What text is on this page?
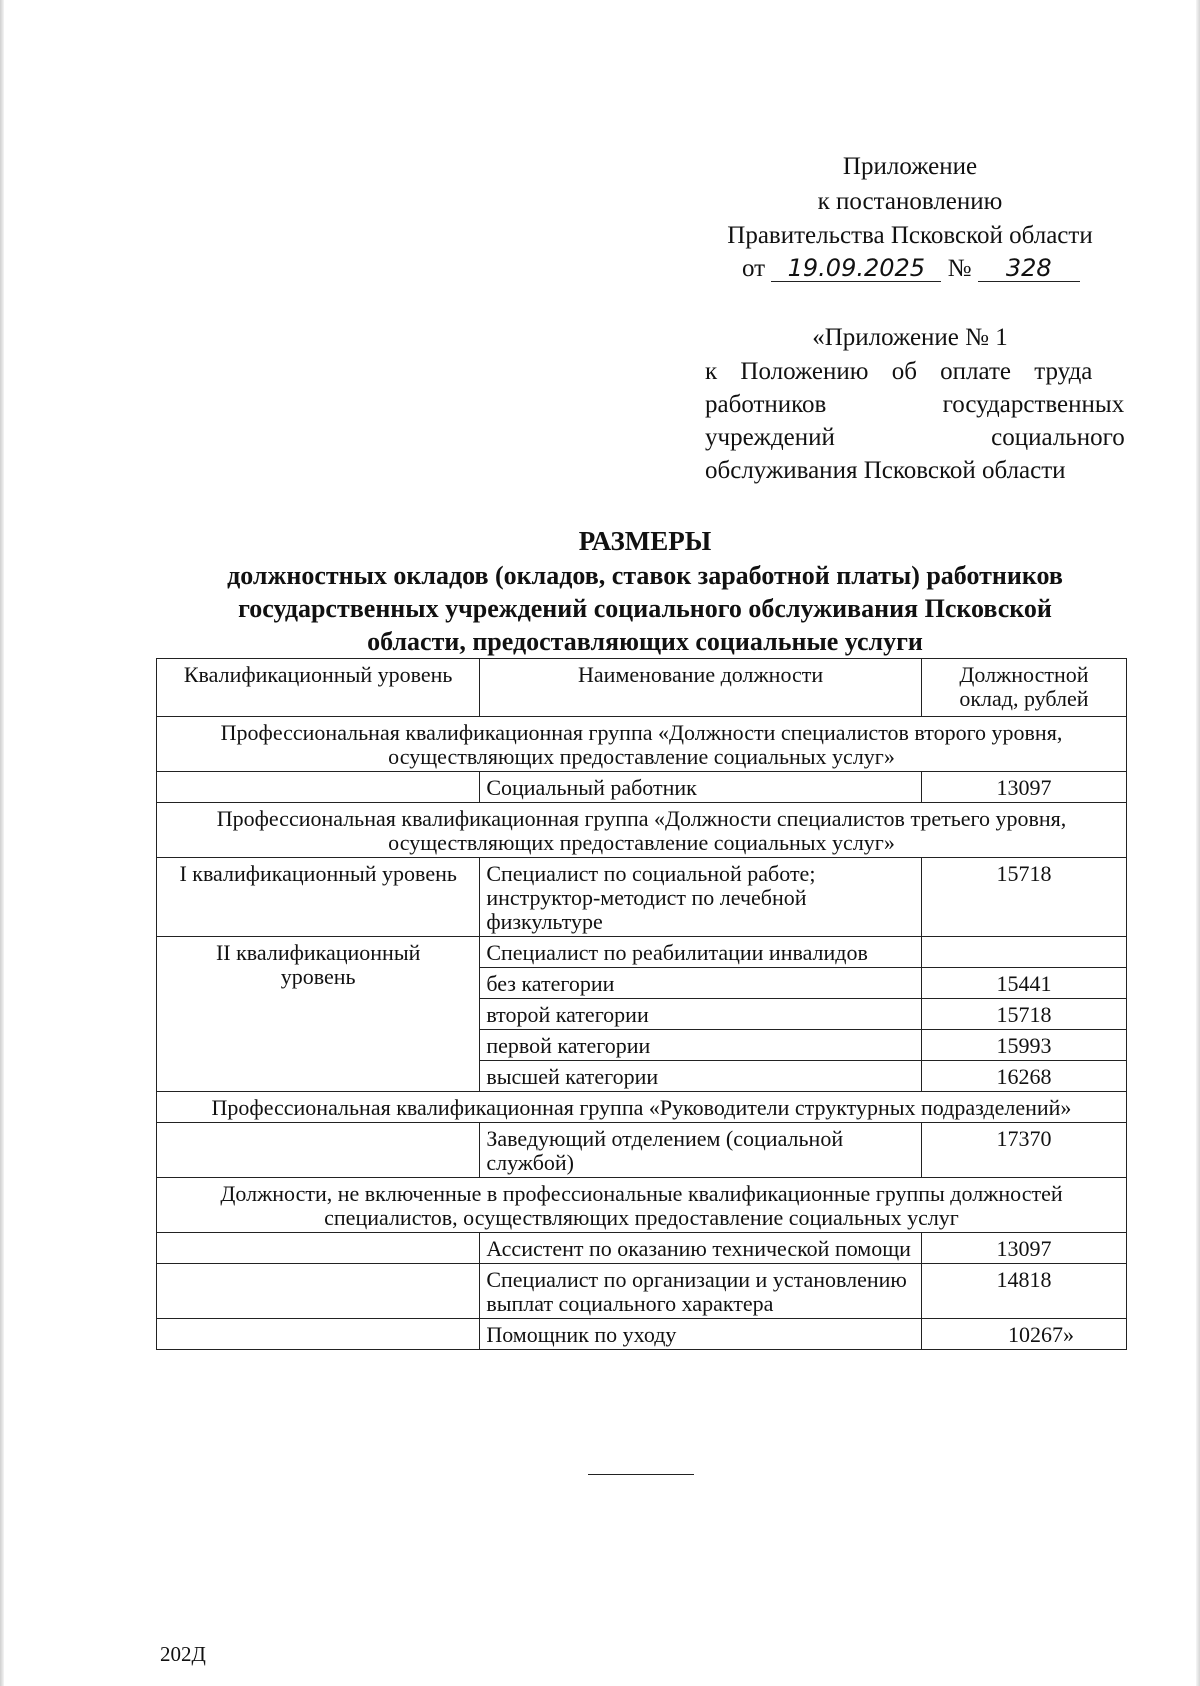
Приложение
к постановлению
Правительства Псковской области
от 19.09.2025 № 328
«Приложение № 1
к Положению об оплате труда
работников государственных
учреждений социального
обслуживания Псковской области
РАЗМЕРЫ
должностных окладов (окладов, ставок заработной платы) работников
государственных учреждений социального обслуживания Псковской
области, предоставляющих социальные услуги
Квалификационный уровень	Наименование должности	Должностной оклад, рублей
Профессиональная квалификационная группа «Должности специалистов второго уровня, осуществляющих предоставление социальных услуг»		
	Социальный работник	13097
Профессиональная квалификационная группа «Должности специалистов третьего уровня, осуществляющих предоставление социальных услуг»		
I квалификационный уровень	Специалист по социальной работе; инструктор-методист по лечебной физкультуре	15718
II квалификационный уровень	Специалист по реабилитации инвалидов	
	без категории	15441
	второй категории	15718
	первой категории	15993
	высшей категории	16268
Профессиональная квалификационная группа «Руководители структурных подразделений»		
	Заведующий отделением (социальной службой)	17370
Должности, не включенные в профессиональные квалификационные группы должностей специалистов, осуществляющих предоставление социальных услуг		
	Ассистент по оказанию технической помощи	13097
	Специалист по организации и установлению выплат социального характера	14818
	Помощник по уходу	10267»
202Д
